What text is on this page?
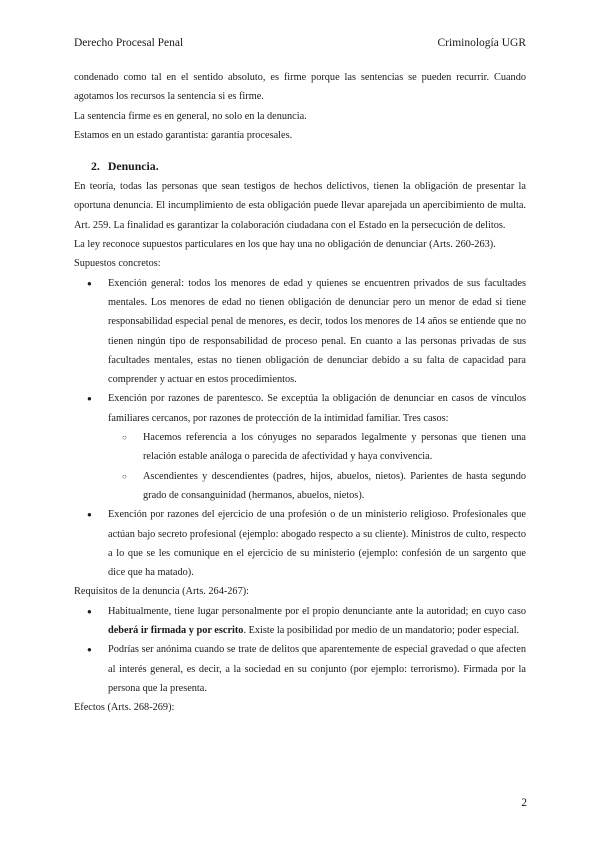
Derecho Procesal Penal	Criminología UGR

condenado como tal en el sentido absoluto, es firme porque las sentencias se pueden recurrir. Cuando agotamos los recursos la sentencia si es firme.

La sentencia firme es en general, no solo en la denuncia.

Estamos en un estado garantista: garantía procesales.

2. Denuncia.

En teoría, todas las personas que sean testigos de hechos delictivos, tienen la obligación de presentar la oportuna denuncia. El incumplimiento de esta obligación puede llevar aparejada un apercibimiento de multa. Art. 259. La finalidad es garantizar la colaboración ciudadana con el Estado en la persecución de delitos.

La ley reconoce supuestos particulares en los que hay una no obligación de denunciar (Arts. 260-263).

Supuestos concretos:

● Exención general: todos los menores de edad y quienes se encuentren privados de sus facultades mentales. Los menores de edad no tienen obligación de denunciar pero un menor de edad si tiene responsabilidad especial penal de menores, es decir, todos los menores de 14 años se entiende que no tienen ningún tipo de responsabilidad de proceso penal. En cuanto a las personas privadas de sus facultades mentales, estas no tienen obligación de denunciar debido a su falta de capacidad para comprender y actuar en estos procedimientos.
● Exención por razones de parentesco. Se exceptúa la obligación de denunciar en casos de vínculos familiares cercanos, por razones de protección de la intimidad familiar. Tres casos:
○ Hacemos referencia a los cónyuges no separados legalmente y personas que tienen una relación estable análoga o parecida de afectividad y haya convivencia.
○ Ascendientes y descendientes (padres, hijos, abuelos, nietos). Parientes de hasta segundo grado de consanguinidad (hermanos, abuelos, nietos).
● Exención por razones del ejercicio de una profesión o de un ministerio religioso. Profesionales que actúan bajo secreto profesional (ejemplo: abogado respecto a su cliente). Ministros de culto, respecto a lo que se les comunique en el ejercicio de su ministerio (ejemplo: confesión de un sargento que dice que ha matado).

Requisitos de la denuncia (Arts. 264-267):

● Habitualmente, tiene lugar personalmente por el propio denunciante ante la autoridad; en cuyo caso deberá ir firmada y por escrito. Existe la posibilidad por medio de un mandatorio; poder especial.
● Podrías ser anónima cuando se trate de delitos que aparentemente de especial gravedad o que afecten al interés general, es decir, a la sociedad en su conjunto (por ejemplo: terrorismo). Firmada por la persona que la presenta.

Efectos (Arts. 268-269):

2
